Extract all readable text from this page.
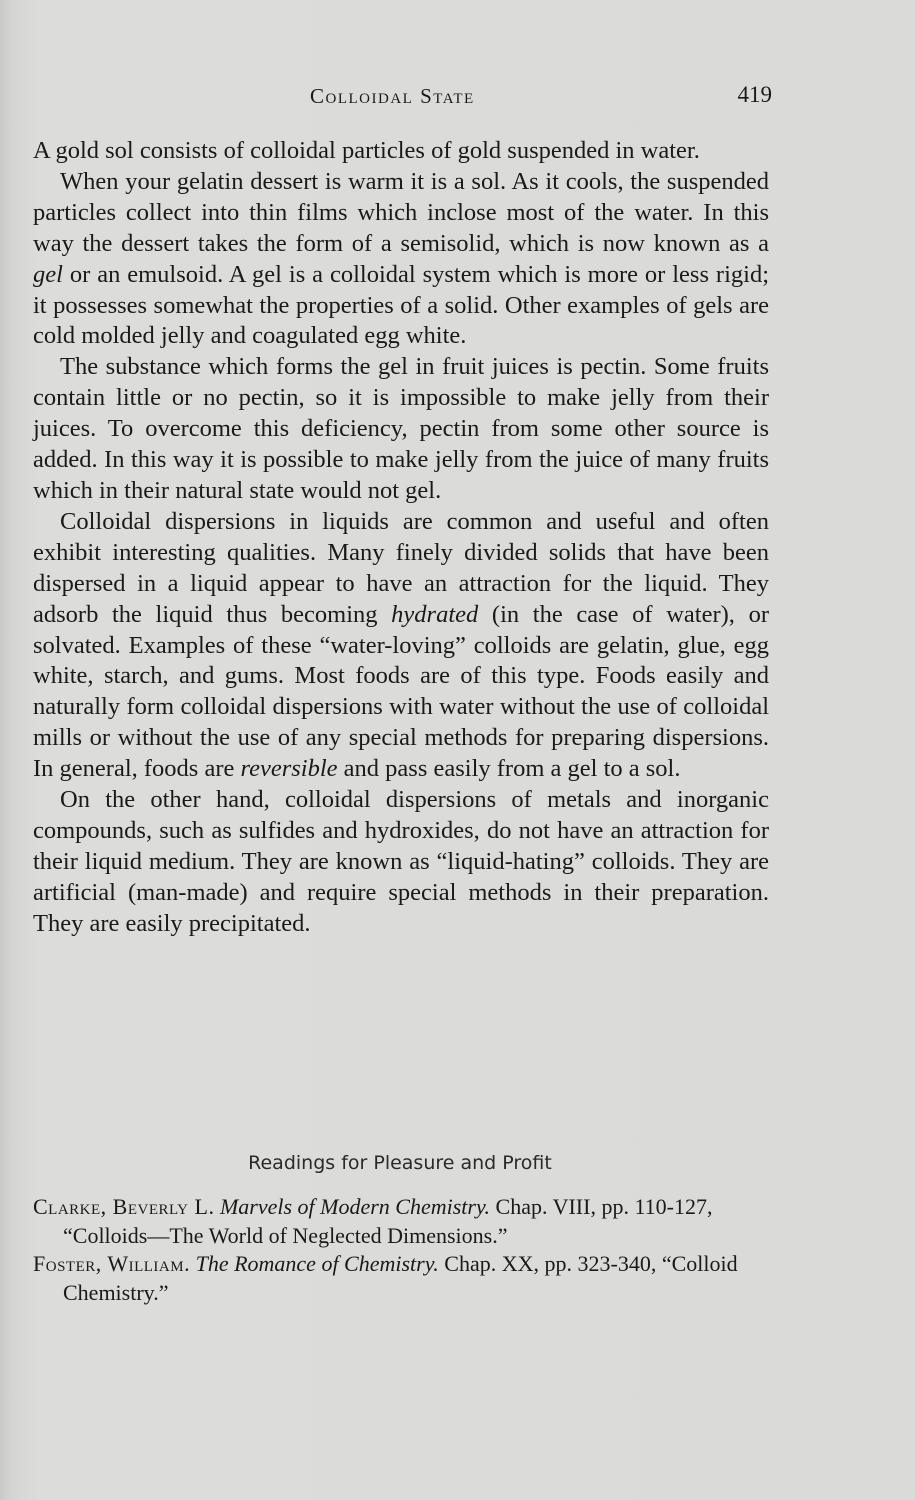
Colloidal State	419

A gold sol consists of colloidal particles of gold suspended in water.

When your gelatin dessert is warm it is a sol. As it cools, the suspended particles collect into thin films which inclose most of the water. In this way the dessert takes the form of a semisolid, which is now known as a gel or an emulsoid. A gel is a colloidal system which is more or less rigid; it possesses somewhat the properties of a solid. Other examples of gels are cold molded jelly and coagulated egg white.

The substance which forms the gel in fruit juices is pectin. Some fruits contain little or no pectin, so it is impossible to make jelly from their juices. To overcome this deficiency, pectin from some other source is added. In this way it is possible to make jelly from the juice of many fruits which in their natural state would not gel.

Colloidal dispersions in liquids are common and useful and often exhibit interesting qualities. Many finely divided solids that have been dispersed in a liquid appear to have an attraction for the liquid. They adsorb the liquid thus becoming hydrated (in the case of water), or solvated. Examples of these “water-loving” colloids are gelatin, glue, egg white, starch, and gums. Most foods are of this type. Foods easily and naturally form colloidal dispersions with water without the use of colloidal mills or without the use of any special methods for preparing dispersions. In general, foods are reversible and pass easily from a gel to a sol.

On the other hand, colloidal dispersions of metals and inorganic compounds, such as sulfides and hydroxides, do not have an attraction for their liquid medium. They are known as “liquid-hating” colloids. They are artificial (man-made) and require special methods in their preparation. They are easily precipitated.

Readings for Pleasure and Profit

Clarke, Beverly L. Marvels of Modern Chemistry. Chap. VIII, pp. 110-127, “Colloids—The World of Neglected Dimensions.”

Foster, William. The Romance of Chemistry. Chap. XX, pp. 323-340, “Colloid Chemistry.”
